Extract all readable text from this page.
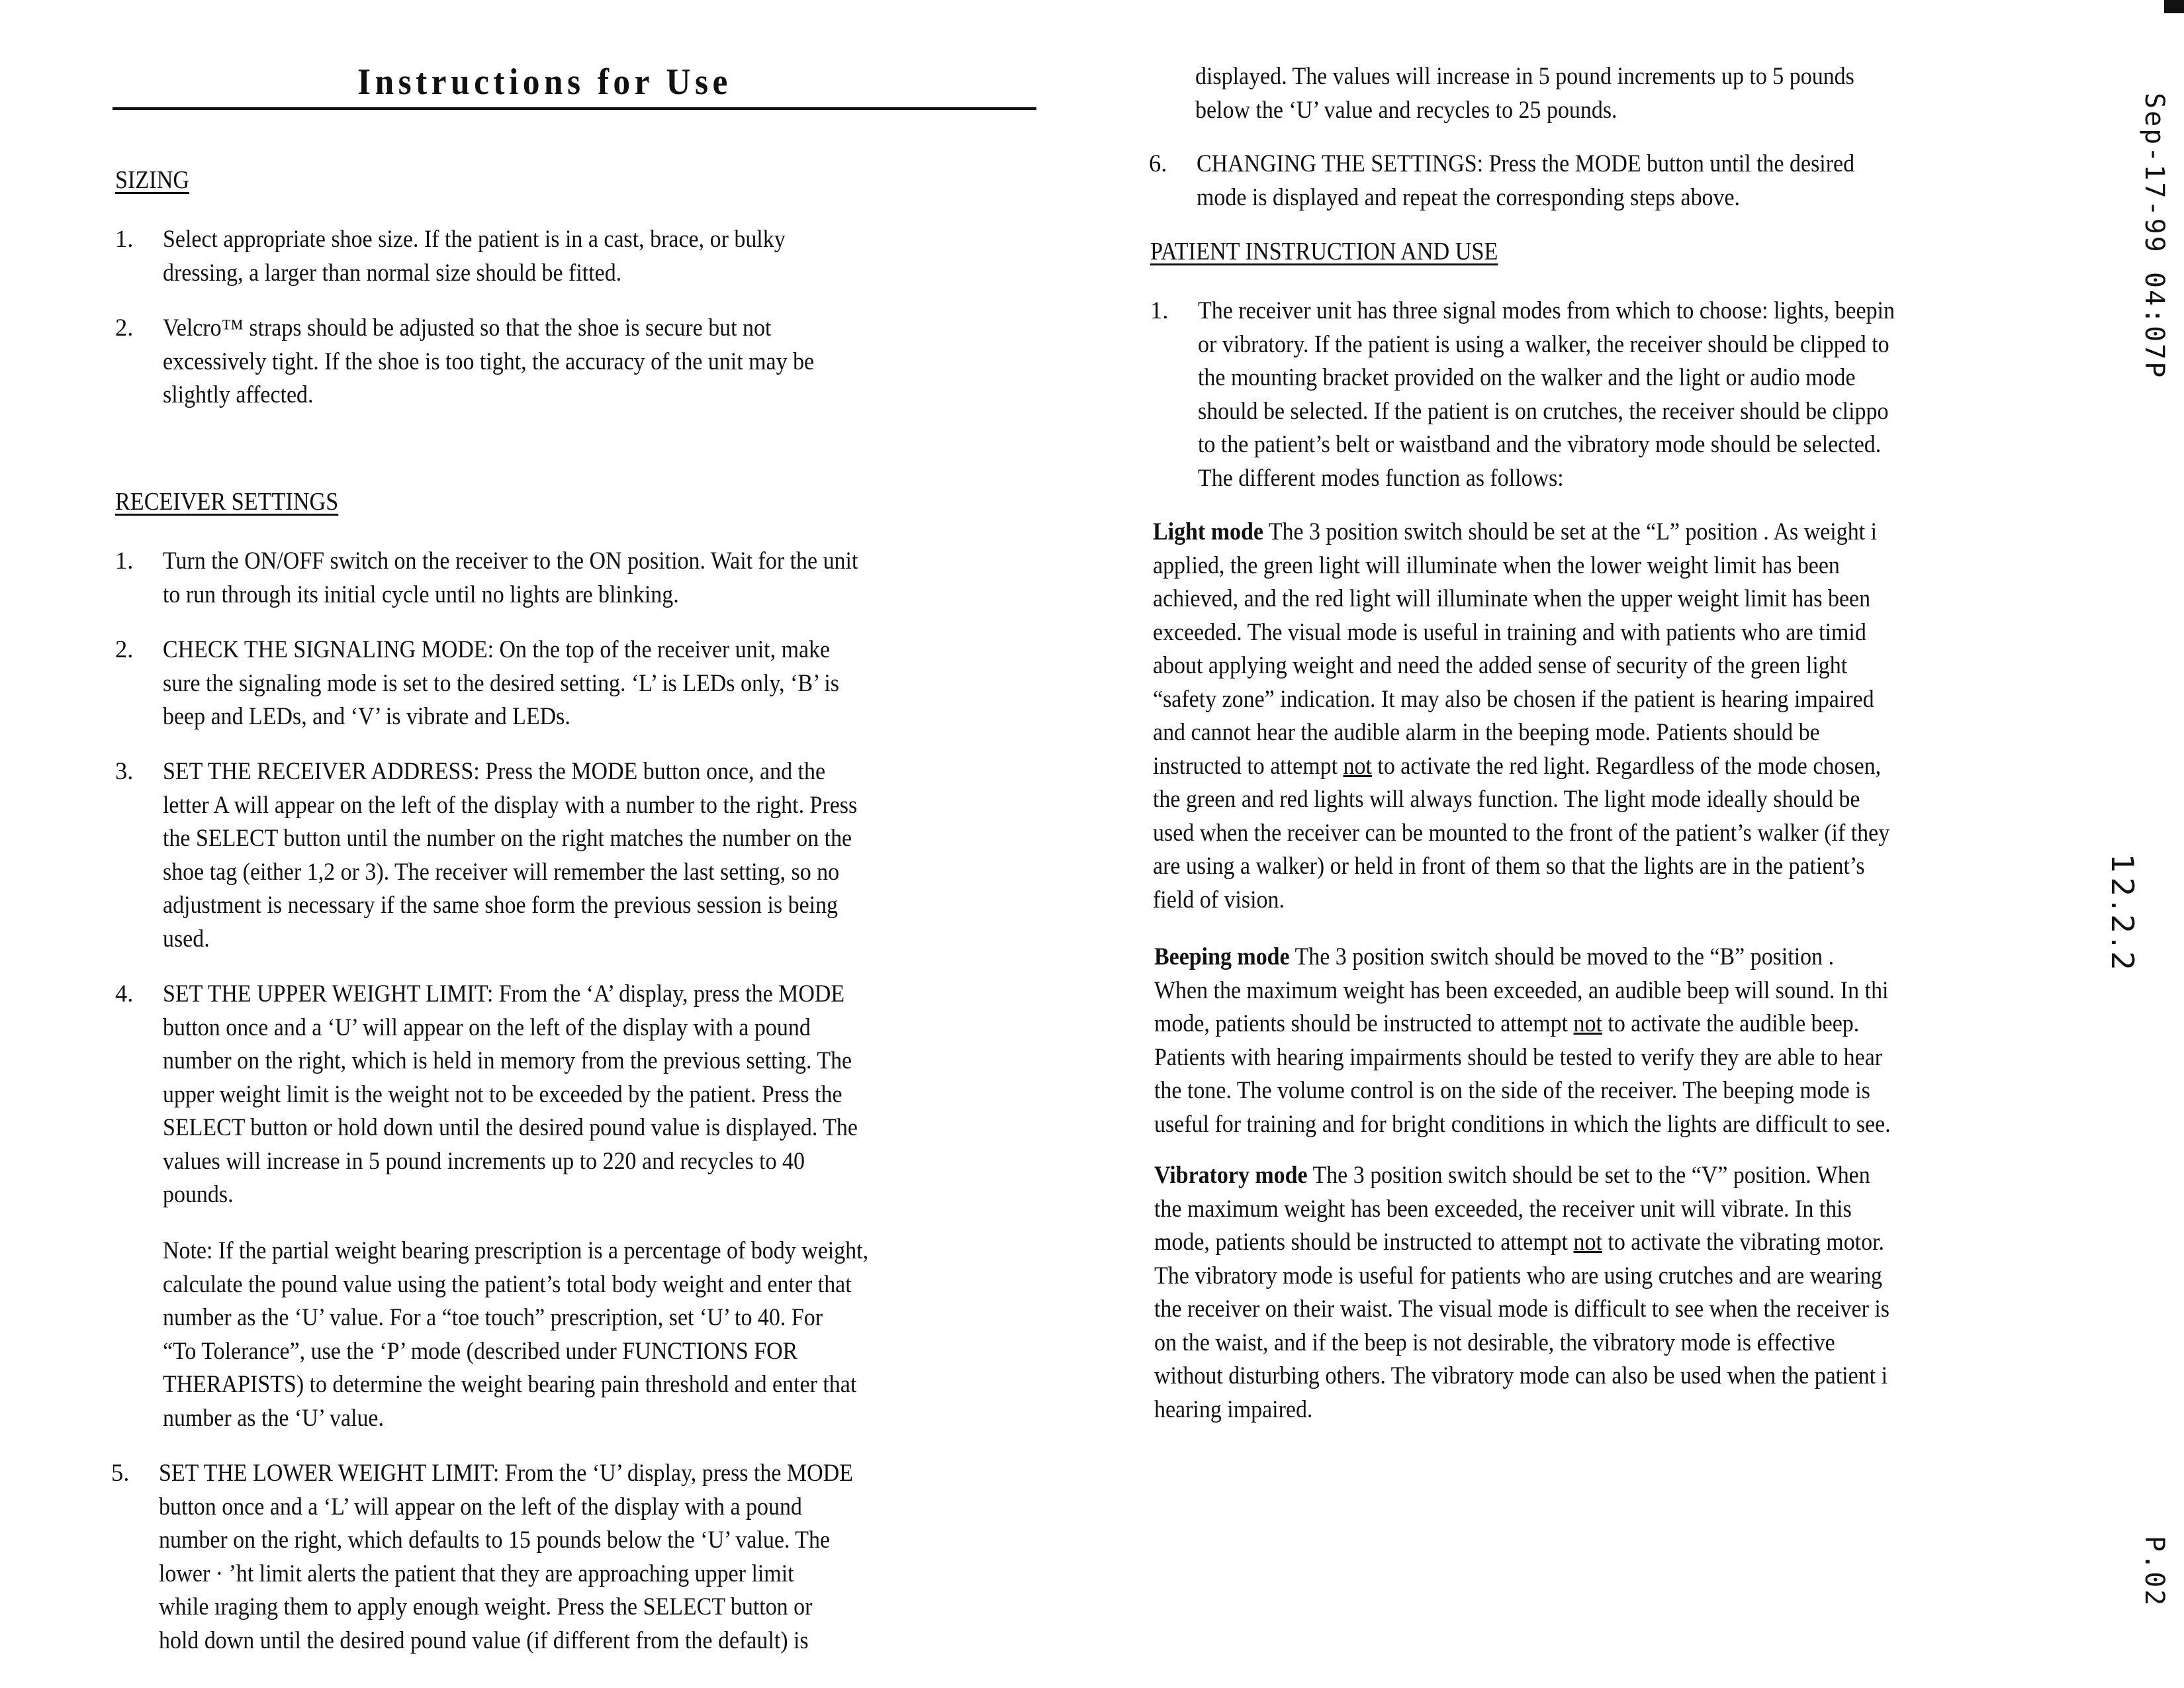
Instructions for Use
SIZING
1. Select appropriate shoe size. If the patient is in a cast, brace, or bulky
dressing, a larger than normal size should be fitted.
2. Velcro™ straps should be adjusted so that the shoe is secure but not
excessively tight. If the shoe is too tight, the accuracy of the unit may be
slightly affected.
RECEIVER SETTINGS
1. Turn the ON/OFF switch on the receiver to the ON position. Wait for the unit
to run through its initial cycle until no lights are blinking.
2. CHECK THE SIGNALING MODE: On the top of the receiver unit, make
sure the signaling mode is set to the desired setting. ‘L’ is LEDs only, ‘B’ is
beep and LEDs, and ‘V’ is vibrate and LEDs.
3. SET THE RECEIVER ADDRESS: Press the MODE button once, and the
letter A will appear on the left of the display with a number to the right. Press
the SELECT button until the number on the right matches the number on the
shoe tag (either 1,2 or 3). The receiver will remember the last setting, so no
adjustment is necessary if the same shoe form the previous session is being
used.
4. SET THE UPPER WEIGHT LIMIT: From the ‘A’ display, press the MODE
button once and a ‘U’ will appear on the left of the display with a pound
number on the right, which is held in memory from the previous setting. The
upper weight limit is the weight not to be exceeded by the patient. Press the
SELECT button or hold down until the desired pound value is displayed. The
values will increase in 5 pound increments up to 220 and recycles to 40
pounds.
Note: If the partial weight bearing prescription is a percentage of body weight,
calculate the pound value using the patient’s total body weight and enter that
number as the ‘U’ value. For a “toe touch” prescription, set ‘U’ to 40. For
“To Tolerance”, use the ‘P’ mode (described under FUNCTIONS FOR
THERAPISTS) to determine the weight bearing pain threshold and enter that
number as the ‘U’ value.
5. SET THE LOWER WEIGHT LIMIT: From the ‘U’ display, press the MODE
button once and a ‘L’ will appear on the left of the display with a pound
number on the right, which defaults to 15 pounds below the ‘U’ value. The
lower · ’ht limit alerts the patient that they are approaching upper limit
while ıraging them to apply enough weight. Press the SELECT button or
hold down until the desired pound value (if different from the default) is
displayed. The values will increase in 5 pound increments up to 5 pounds
below the ‘U’ value and recycles to 25 pounds.
6. CHANGING THE SETTINGS: Press the MODE button until the desired
mode is displayed and repeat the corresponding steps above.
PATIENT INSTRUCTION AND USE
1. The receiver unit has three signal modes from which to choose: lights, beepin
or vibratory. If the patient is using a walker, the receiver should be clipped to
the mounting bracket provided on the walker and the light or audio mode
should be selected. If the patient is on crutches, the receiver should be clippo
to the patient’s belt or waistband and the vibratory mode should be selected.
The different modes function as follows:
Light mode The 3 position switch should be set at the “L” position . As weight i
applied, the green light will illuminate when the lower weight limit has been
achieved, and the red light will illuminate when the upper weight limit has been
exceeded. The visual mode is useful in training and with patients who are timid
about applying weight and need the added sense of security of the green light
“safety zone” indication. It may also be chosen if the patient is hearing impaired
and cannot hear the audible alarm in the beeping mode. Patients should be
instructed to attempt not to activate the red light. Regardless of the mode chosen,
the green and red lights will always function. The light mode ideally should be
used when the receiver can be mounted to the front of the patient’s walker (if they
are using a walker) or held in front of them so that the lights are in the patient’s
field of vision.
Beeping mode The 3 position switch should be moved to the “B” position .
When the maximum weight has been exceeded, an audible beep will sound. In thi
mode, patients should be instructed to attempt not to activate the audible beep.
Patients with hearing impairments should be tested to verify they are able to hear
the tone. The volume control is on the side of the receiver. The beeping mode is
useful for training and for bright conditions in which the lights are difficult to see.
Vibratory mode The 3 position switch should be set to the “V” position. When
the maximum weight has been exceeded, the receiver unit will vibrate. In this
mode, patients should be instructed to attempt not to activate the vibrating motor.
The vibratory mode is useful for patients who are using crutches and are wearing
the receiver on their waist. The visual mode is difficult to see when the receiver is
on the waist, and if the beep is not desirable, the vibratory mode is effective
without disturbing others. The vibratory mode can also be used when the patient i
hearing impaired.
Sep-17-99 04:07P
12.2.2
P.02
